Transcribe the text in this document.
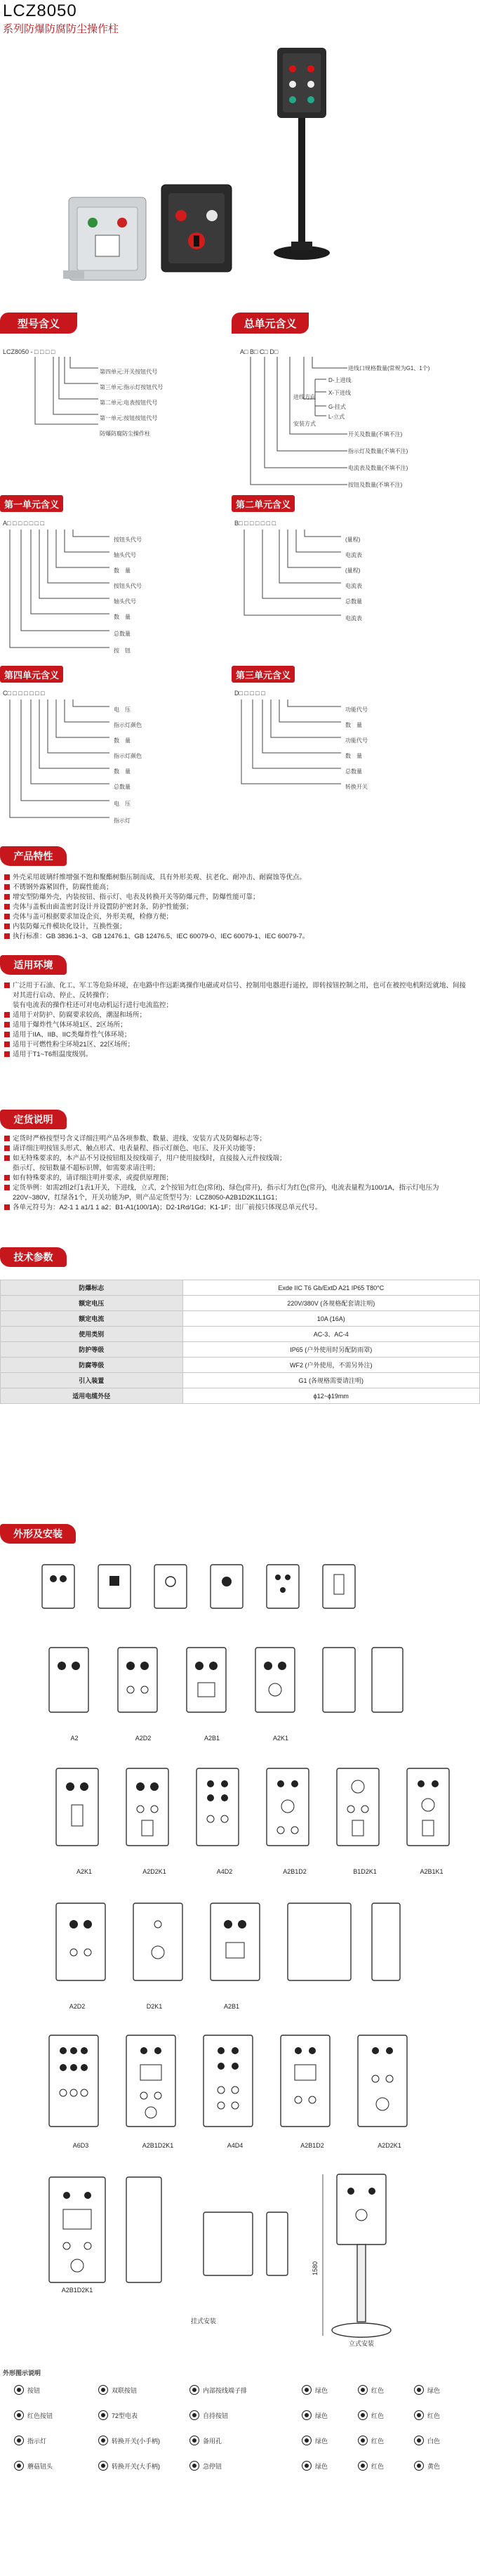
LCZ8050
系列防爆防腐防尘操作柱
型号含义
LCZ8050 - □ □ □ □
第四单元:开关按钮代号
第三单元:指示灯按钮代号
第二单元:电表按钮代号
第一单元:按钮按钮代号
防爆防腐防尘操作柱
总单元含义
A□ B□ C□ D□
进线口规格数量(常规为G1、1个)
进线方向
D-上进线
X-下进线
安装方式
G-挂式
L-立式
开关及数量(不填不注)
指示灯及数量(不填不注)
电流表及数量(不填不注)
按钮及数量(不填不注)
第一单元含义
A□ □ □ □ □ □ □
按钮头代号
轴头代号
数　量
按钮头代号
轴头代号
数　量
总数量
按　钮
第二单元含义
B□ □ □ □ □ □ □
(量程)
电流表
(量程)
电流表
总数量
电流表
第四单元含义
C□ □ □ □ □ □ □
电　压
指示灯颜色
数　量
指示灯颜色
数　量
总数量
电　压
指示灯
第三单元含义
D□ □ □ □ □
功能代号
数　量
功能代号
数　量
总数量
转换开关
产品特性
外壳采用玻璃纤维增强不饱和聚酯树脂压制而成，具有外形美观、抗老化、耐冲击、耐腐蚀等优点。
不锈钢外露紧固件，防腐性能高；
增安型防爆外壳，内装按钮、指示灯、电表及转换开关等防爆元件，防爆性能可靠；
壳体与盖板由面盖密封设计并设置防护密封条，防护性能强；
壳体与盖可根据要求加设企页，外形美观，检修方便；
内装防爆元件模块化设计，互换性强；
执行标准：GB 3836.1~3、GB 12476.1、GB 12476.5、IEC 60079-0、IEC 60079-1、IEC 60079-7。
适用环境
广泛用于石油、化工、军工等危险环境，在电路中作远距离操作电磁或对信号、控制用电器进行遥控，即转按钮控制之用，也可在被控电机附近就地、间接对其进行启动、停止、反转操作；
装有电流表的操作柱还可对电动机运行进行电流监控；
适用于对防护、防腐要求较高，潮湿和场所；
适用于爆炸性气体环境1区、2区场所；
适用于IIA、IIB、IIC类爆炸性气体环境；
适用于可燃性粉尘环境21区、22区场所；
适用于T1~T6组温度级别。
定货说明
定货时严格按型号含义详细注明产品各项参数、数量、进线、安装方式及防爆标志等；
请详细注明按钮头形式、触点形式、电表量程、指示灯颜色、电压、及开关功能等；
如无特殊要求的，本产品不另设按钮组及按线端子，用户使用接线时，直接接入元件按线端；
指示灯、按钮数量不超标识牌，如需要求请注明；
如有特殊要求的，请详细注明并要求，或提供原理图；
定货举例：如需2组2灯1表1开关，下进线，立式，2个按钮为红色(常闭)、绿色(常开)，指示灯为红色(常开)，电流表量程为100/1A，指示灯电压为220V~380V，红绿各1个，开关功能为P，则产品定货型号为：LCZ8050-A2B1D2K1L1G1；
各单元符号为：A2-1 1 a1/1 1 a2；B1-A1(100/1A)；D2-1Rd/1Gd；K1-1F；出厂前按只体现总单元代号。
技术参数
防爆标志	Exde IIC T6 Gb/ExtD A21 IP65 T80°C
额定电压	220V/380V (各规格配套请注明)
额定电流	10A (16A)
使用类别	AC-3、AC-4
防护等级	IP65 (户外使用时另配防雨罩)
防腐等级	WF2 (户外使用，不需另外注)
引入装置	G1 (各规格需要请注明)
适用电缆外径	ϕ12~ϕ19mm
外形及安装
A2	A2D2	A2B1	A2K1
A2K1	A2D2K1	A4D2	A2B1D2	B1D2K1	A2B1K1
A2D2	D2K1	A2B1
A6D3	A2B1D2K1	A4D4	A2B1D2	A2D2K1
1580
A2B1D2K1
挂式安装
立式安装
外形图示说明
按钮	双联按钮	内部按线端子排	绿色	红色	绿色
红色按钮	72型电表	自持按钮	绿色	红色	红色
指示灯	转换开关(小手柄)	备用孔	绿色	红色	白色
蘑菇钮头	转换开关(大手柄)	急停钮	绿色	红色	黄色
